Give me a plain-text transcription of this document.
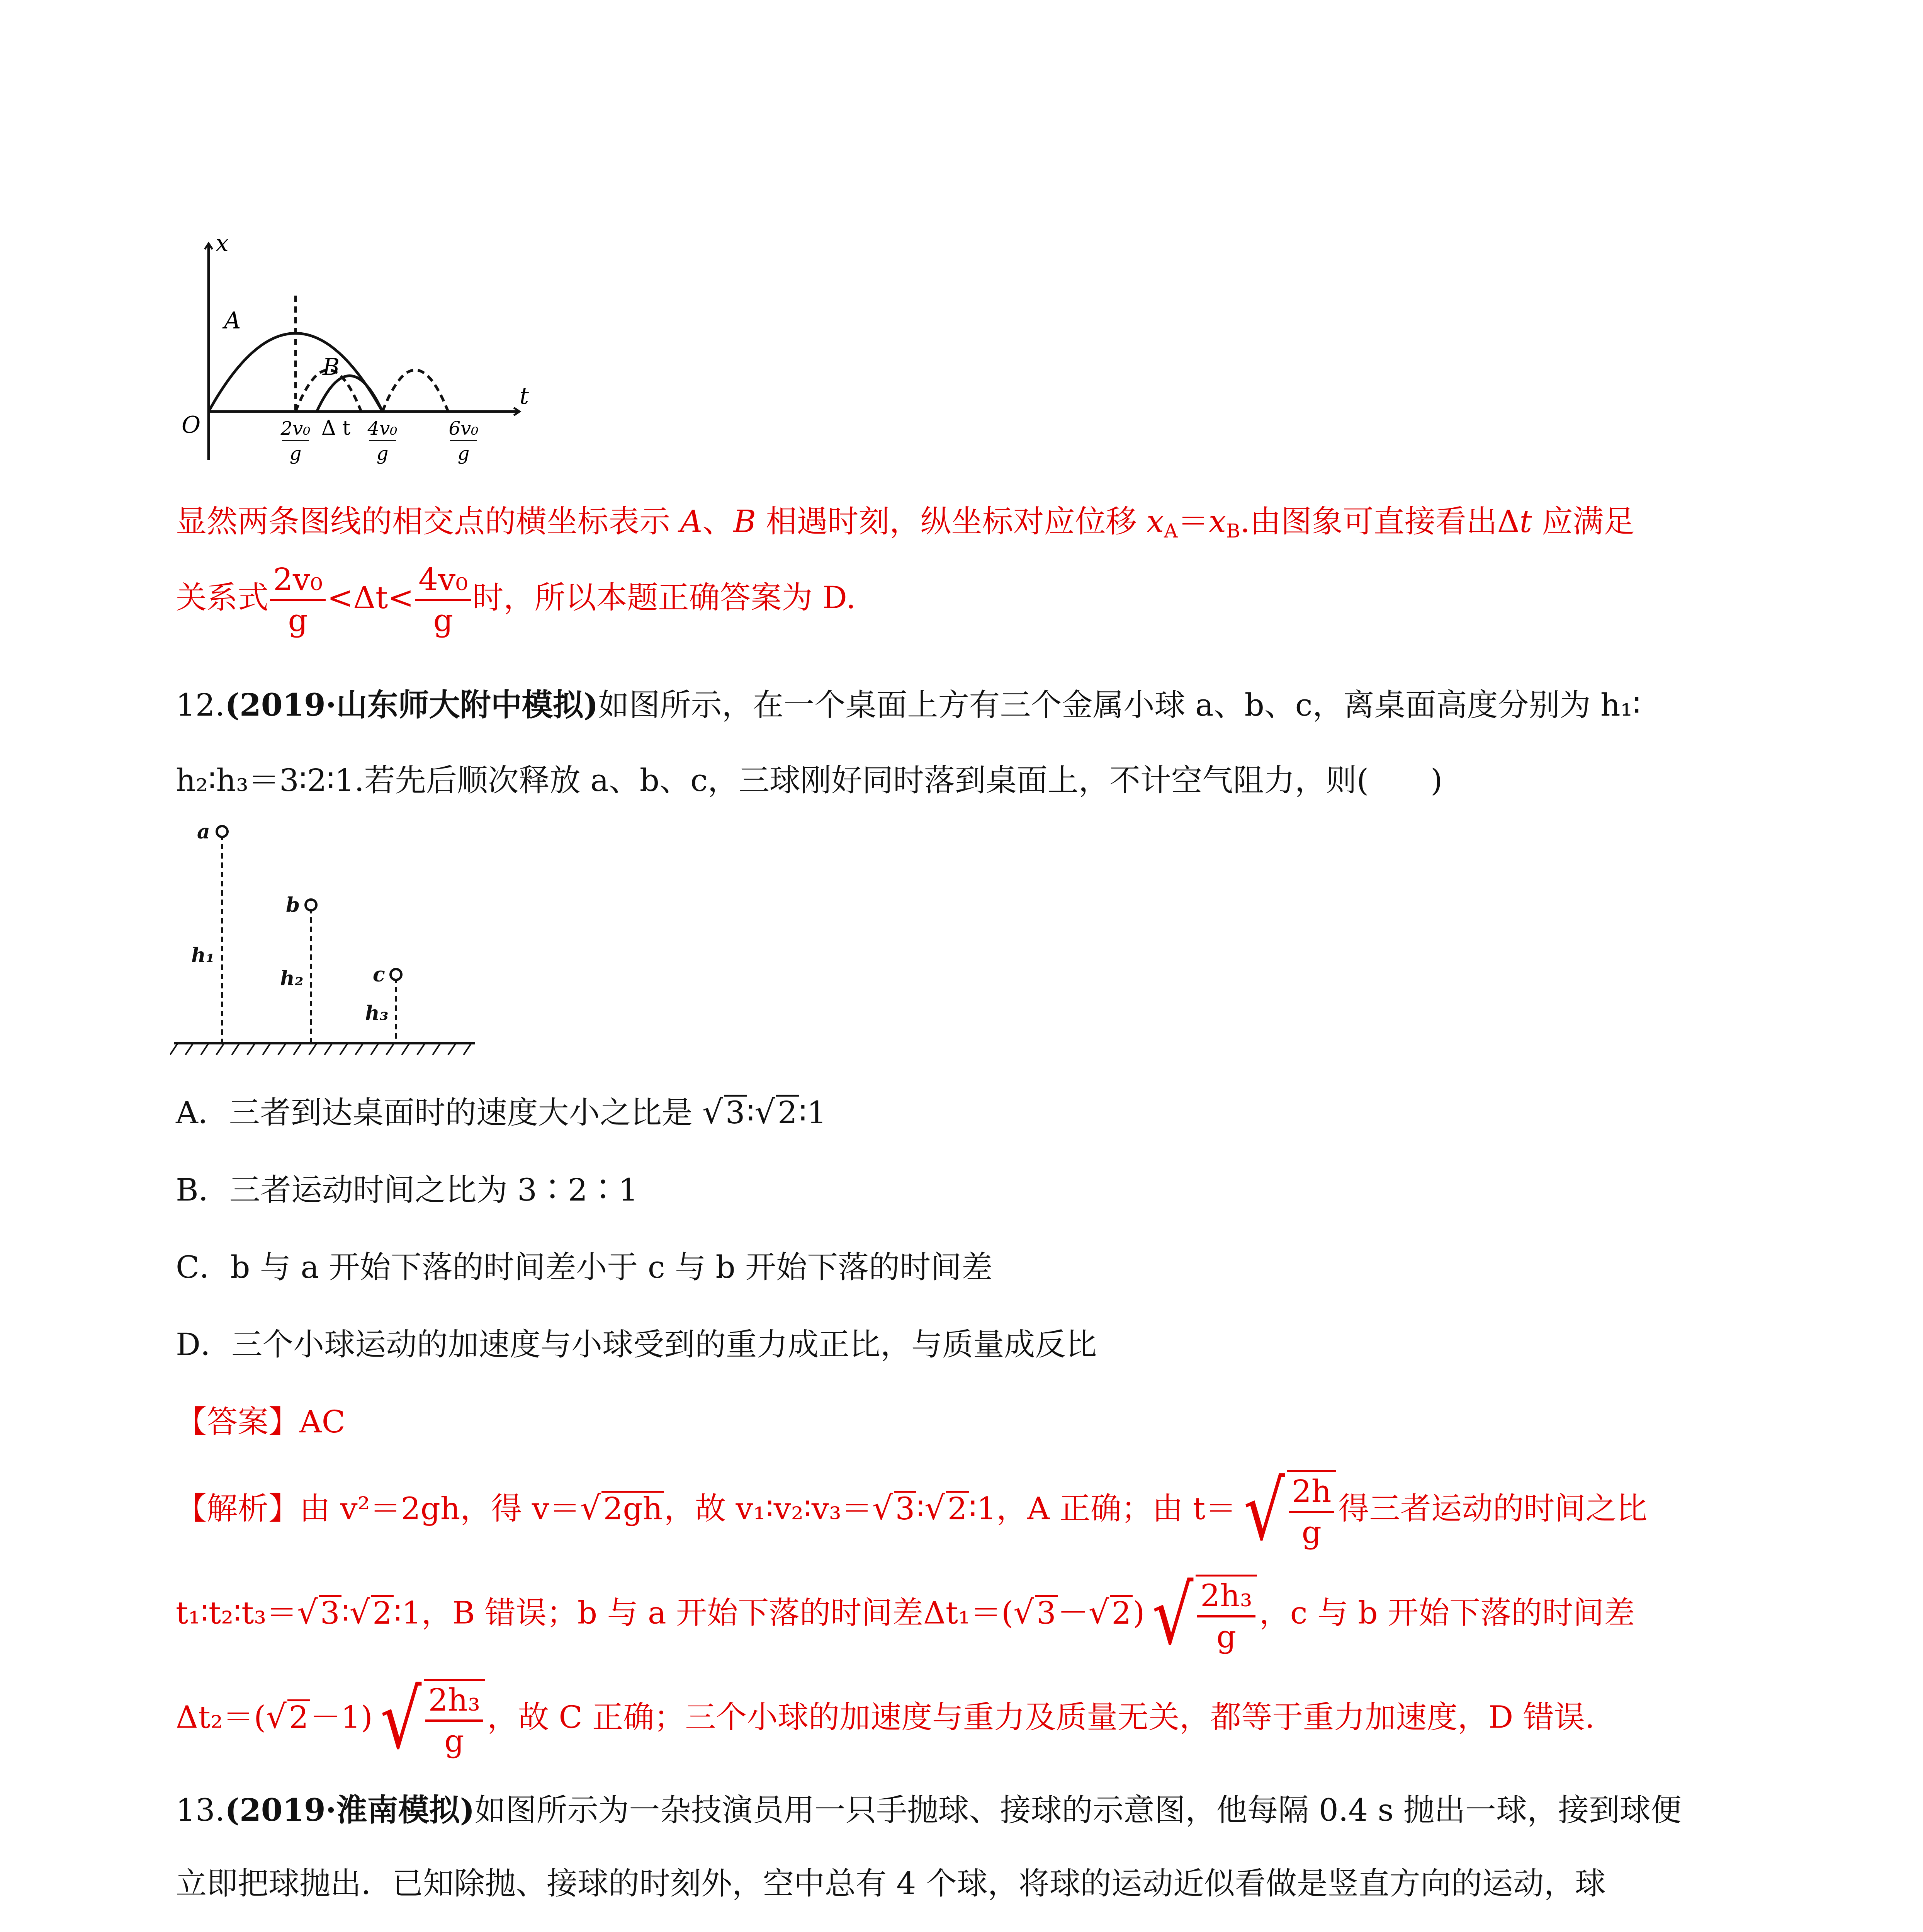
x
t
O
A
B
Δ t
2v₀
g
4v₀
g
6v₀
g
显然两条图线的相交点的横坐标表示 A、B 相遇时刻，纵坐标对应位移 $x_A=x_B$.由图象可直接看出Δt 应满足
关系式 $\frac{\text{2v₀}}{g} <\Delta t< \frac{\text{4v₀}}{g}$ 时，所以本题正确答案为 D.
12.(2019·山东师大附中模拟)如图所示，在一个桌面上方有三个金属小球 a、b、c，离桌面高度分别为 h₁∶
h₂∶h₃＝3∶2∶1.若先后顺次释放 a、b、c，三球刚好同时落到桌面上，不计空气阻力，则(　　)
a
b
c
h₁
h₂
h₃
A．三者到达桌面时的速度大小之比是 √3∶√2∶1
B．三者运动时间之比为 3∶2∶1
C．b 与 a 开始下落的时间差小于 c 与 b 开始下落的时间差
D．三个小球运动的加速度与小球受到的重力成正比，与质量成反比
【答案】AC
【解析】由 v²＝2gh，得 v＝√2gh，故 v₁∶v₂∶v₃＝√3∶√2∶1，A 正确；由 t＝ √ $\frac{2h}{g}$ 得三者运动的时间之比
t₁∶t₂∶t₃＝√3∶√2∶1，B 错误；b 与 a 开始下落的时间差Δt₁＝(√3－√2) √ $\frac{\text{2h₃}}{g}$ ，c 与 b 开始下落的时间差
Δt₂＝(√2－1) √ $\frac{\text{2h₃}}{g}$ ，故 C 正确；三个小球的加速度与重力及质量无关，都等于重力加速度，D 错误.
13.(2019·淮南模拟)如图所示为一杂技演员用一只手抛球、接球的示意图，他每隔 0.4 s 抛出一球，接到球便
立即把球抛出．已知除抛、接球的时刻外，空中总有 4 个球，将球的运动近似看做是竖直方向的运动，球
